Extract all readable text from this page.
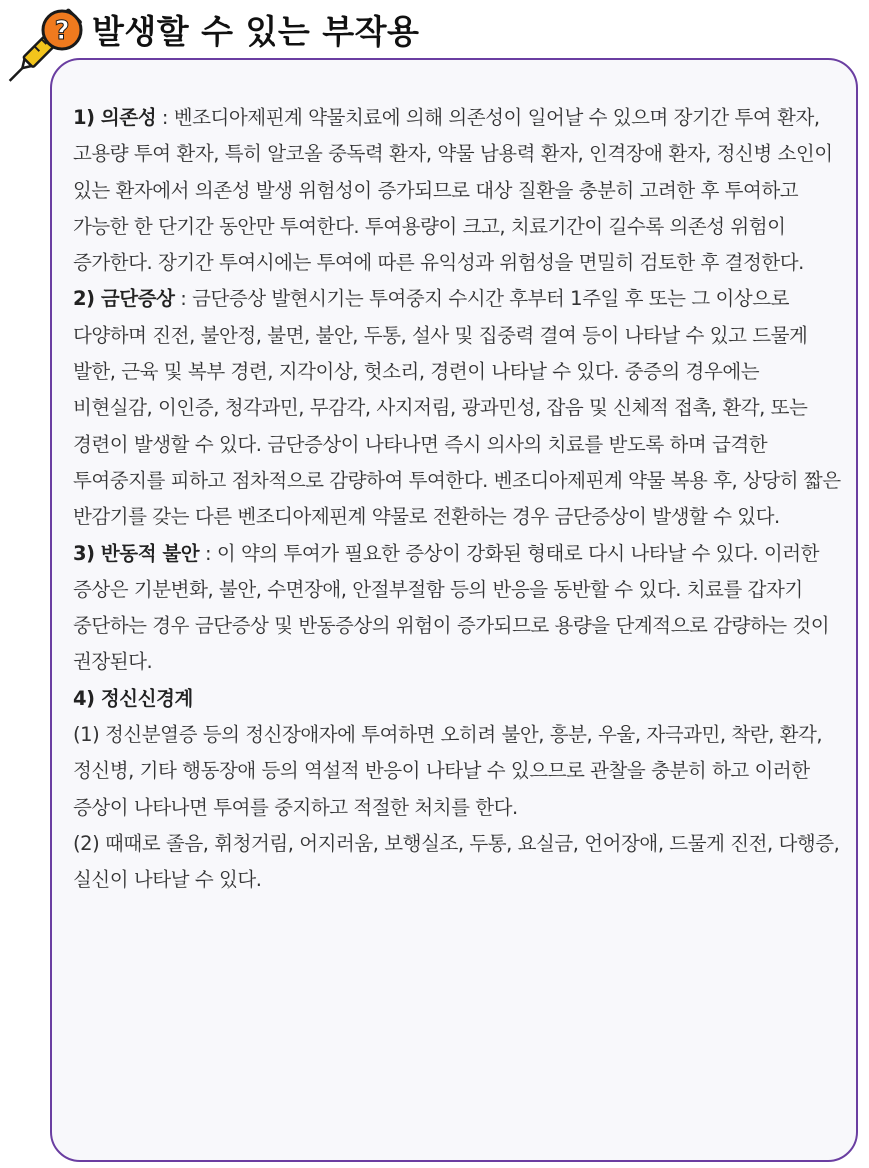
? 발생할 수 있는 부작용

1) 의존성 : 벤조디아제핀계 약물치료에 의해 의존성이 일어날 수 있으며 장기간 투여 환자, 고용량 투여 환자, 특히 알코올 중독력 환자, 약물 남용력 환자, 인격장애 환자, 정신병 소인이 있는 환자에서 의존성 발생 위험성이 증가되므로 대상 질환을 충분히 고려한 후 투여하고 가능한 한 단기간 동안만 투여한다. 투여용량이 크고, 치료기간이 길수록 의존성 위험이 증가한다. 장기간 투여시에는 투여에 따른 유익성과 위험성을 면밀히 검토한 후 결정한다.

2) 금단증상 : 금단증상 발현시기는 투여중지 수시간 후부터 1주일 후 또는 그 이상으로 다양하며 진전, 불안정, 불면, 불안, 두통, 설사 및 집중력 결여 등이 나타날 수 있고 드물게 발한, 근육 및 복부 경련, 지각이상, 헛소리, 경련이 나타날 수 있다. 중증의 경우에는 비현실감, 이인증, 청각과민, 무감각, 사지저림, 광과민성, 잡음 및 신체적 접촉, 환각, 또는 경련이 발생할 수 있다. 금단증상이 나타나면 즉시 의사의 치료를 받도록 하며 급격한 투여중지를 피하고 점차적으로 감량하여 투여한다. 벤조디아제핀계 약물 복용 후, 상당히 짧은 반감기를 갖는 다른 벤조디아제핀계 약물로 전환하는 경우 금단증상이 발생할 수 있다.

3) 반동적 불안 : 이 약의 투여가 필요한 증상이 강화된 형태로 다시 나타날 수 있다. 이러한 증상은 기분변화, 불안, 수면장애, 안절부절함 등의 반응을 동반할 수 있다. 치료를 갑자기 중단하는 경우 금단증상 및 반동증상의 위험이 증가되므로 용량을 단계적으로 감량하는 것이 권장된다.

4) 정신신경계

(1) 정신분열증 등의 정신장애자에 투여하면 오히려 불안, 흥분, 우울, 자극과민, 착란, 환각, 정신병, 기타 행동장애 등의 역설적 반응이 나타날 수 있으므로 관찰을 충분히 하고 이러한 증상이 나타나면 투여를 중지하고 적절한 처치를 한다.

(2) 때때로 졸음, 휘청거림, 어지러움, 보행실조, 두통, 요실금, 언어장애, 드물게 진전, 다행증, 실신이 나타날 수 있다.
